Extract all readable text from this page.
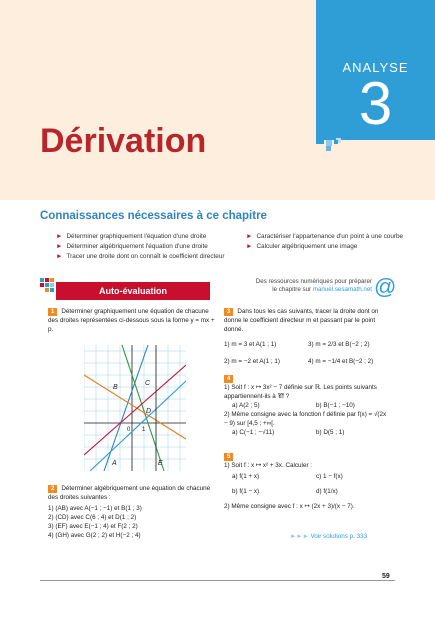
ANALYSE
3
Dérivation
Connaissances nécessaires à ce chapitre
► Déterminer graphiquement l'équation d'une droite
► Déterminer algébriquement l'équation d'une droite
► Tracer une droite dont on connaît le coefficient directeur
► Caractériser l'appartenance d'un point à une courbe
► Calculer algébriquement une image
Auto-évaluation
Des ressources numériques pour préparer
le chapitre sur manuel.sesamath.net @
1 Déterminer graphiquement une équation de chacune des droites représentées ci-dessous sous la forme y = mx + p.
B
C
D
A	E
0 1
2 Déterminer algébriquement une équation de chacune des droites suivantes :
1) (AB) avec A(−1 ; −1) et B(1 ; 3)
2) (CD) avec C(6 ; 4) et D(1 ; 2)
3) (EF) avec E(−1 ; 4) et F(2 ; 2)
4) (GH) avec G(2 ; 2) et H(−2 ; 4)
3 Dans tous les cas suivants, tracer la droite dont on donne le coefficient directeur m et passant par le point donné.
1) m = 3 et A(1 ; 1)	3) m = 2/3 et B(−2 ; 2)
2) m = −2 et A(1 ; 1)	4) m = −1/4 et B(−2 ; 2)
4
1) Soit f : x ↦ 3x² − 7 définie sur ℝ. Les points suivants appartiennent-ils à 𝒞f ?
a) A(2 ; 5)	b) B(−1 ; −10)
2) Même consigne avec la fonction f définie par f(x) = √(2x − 9) sur [4,5 ; +∞[.
a) C(−1 ; −√11)	b) D(5 ; 1)
5
1) Soit f : x ↦ x² + 3x. Calculer :
a) f(1 + x)	c) 1 − f(x)
b) f(1 − x)	d) f(1/x)
2) Même consigne avec f : x ↦ (2x + 3)/(x − 7).
►►► Voir solutions p. 333
59
